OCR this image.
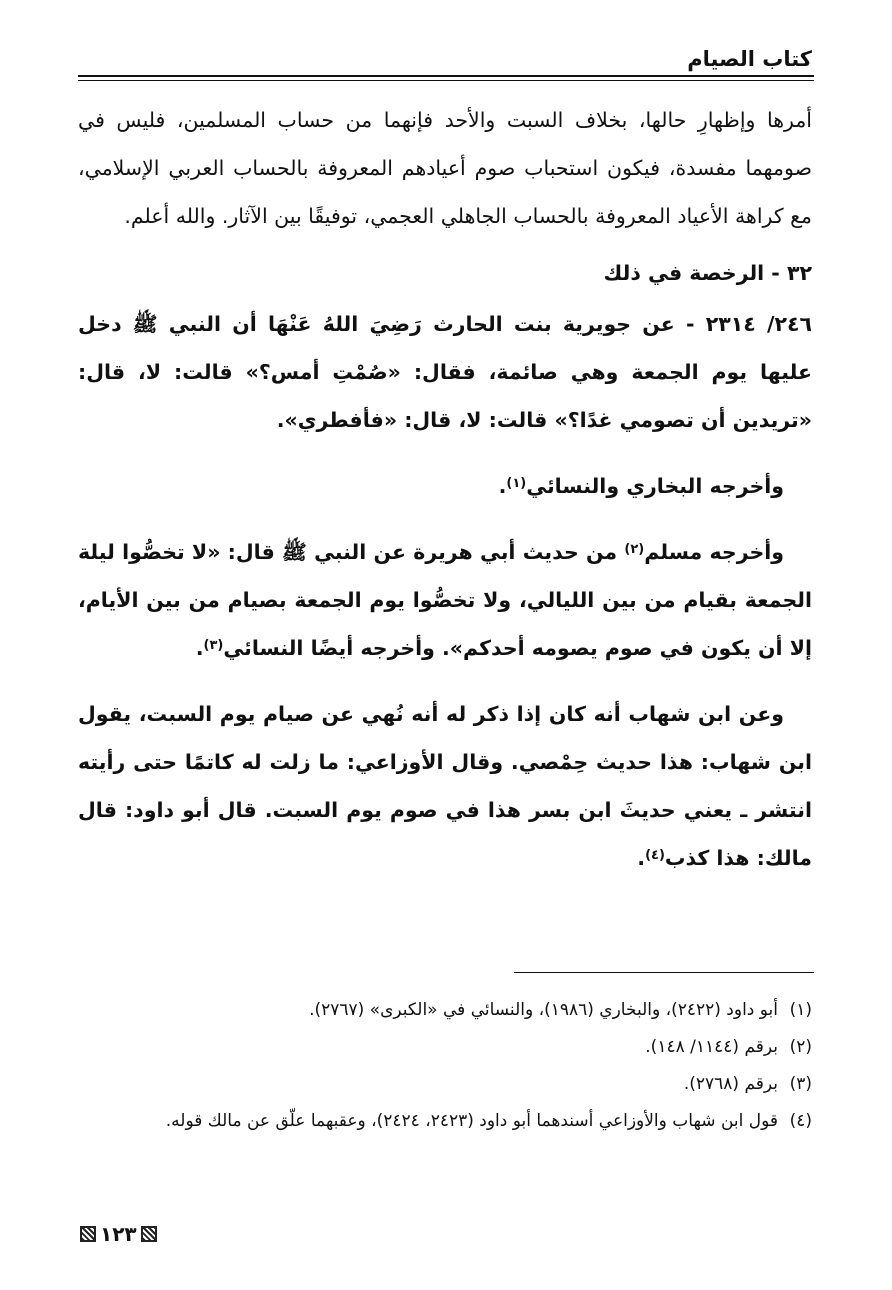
كتاب الصيام

أمرها وإظهارِ حالها، بخلاف السبت والأحد فإنهما من حساب المسلمين، فليس في صومهما مفسدة، فيكون استحباب صوم أعيادهم المعروفة بالحساب العربي الإسلامي، مع كراهة الأعياد المعروفة بالحساب الجاهلي العجمي، توفيقًا بين الآثار. والله أعلم.

٣٢ - الرخصة في ذلك

٢٤٦/ ٢٣١٤ - عن جويرية بنت الحارث رَضِيَ اللهُ عَنْهَا أن النبي ﷺ دخل عليها يوم الجمعة وهي صائمة، فقال: «صُمْتِ أمس؟» قالت: لا، قال: «تريدين أن تصومي غدًا؟» قالت: لا، قال: «فأفطري».

وأخرجه البخاري والنسائي$^{(١)}$.

وأخرجه مسلم$^{(٢)}$ من حديث أبي هريرة عن النبي ﷺ قال: «لا تخصُّوا ليلة الجمعة بقيام من بين الليالي، ولا تخصُّوا يوم الجمعة بصيام من بين الأيام، إلا أن يكون في صوم يصومه أحدكم». وأخرجه أيضًا النسائي$^{(٣)}$.

وعن ابن شهاب أنه كان إذا ذكر له أنه نُهي عن صيام يوم السبت، يقول ابن شهاب: هذا حديث حِمْصي. وقال الأوزاعي: ما زلت له كاتمًا حتى رأيته انتشر ـ يعني حديثَ ابن بسر هذا في صوم يوم السبت. قال أبو داود: قال مالك: هذا كذب$^{(٤)}$.

(١)أبو داود (٢٤٢٢)، والبخاري (١٩٨٦)، والنسائي في «الكبرى» (٢٧٦٧).

(٢)برقم (١١٤٤/ ١٤٨).

(٣)برقم (٢٧٦٨).

(٤)قول ابن شهاب والأوزاعي أسندهما أبو داود (٢٤٢٣، ٢٤٢٤)، وعقبهما علّق عن مالك قوله.

١٢٣
